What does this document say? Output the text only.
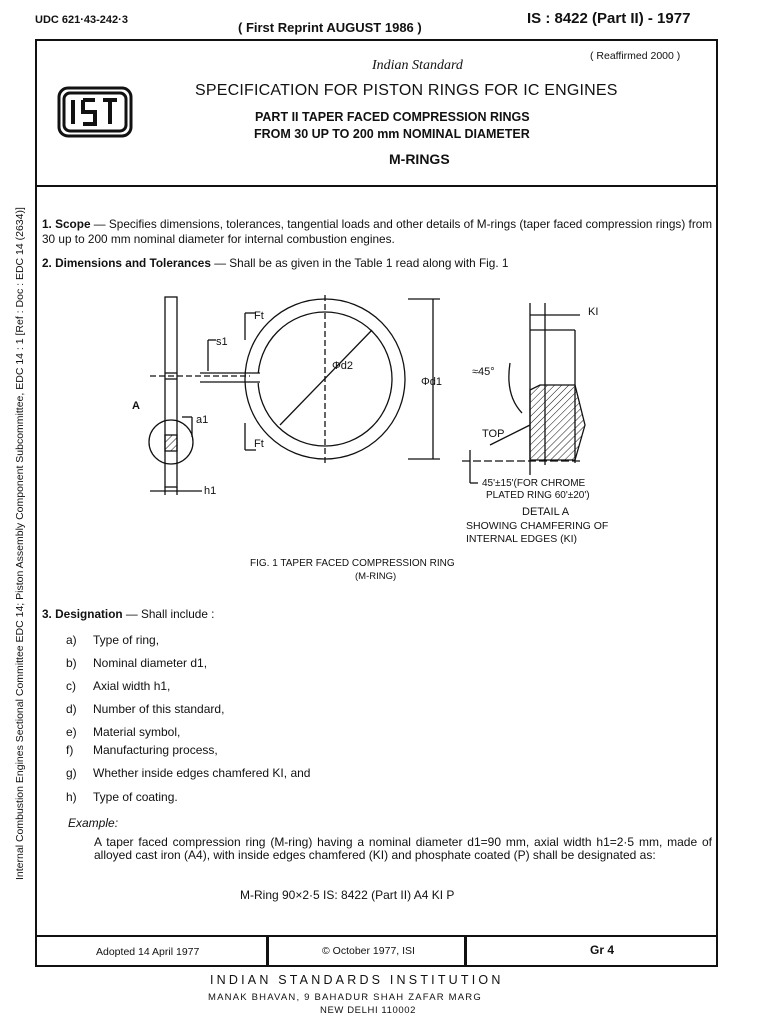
UDC 621·43-242·3	( First Reprint AUGUST 1986 )
IS : 8422 (Part II) - 1977
Internal Combustion Engines Sectional Committee EDC 14; Piston Assembly Component Subcommittee, EDC 14 : 1 [Ref : Doc : EDC 14 (2634)]
( Reaffirmed 2000 )
Indian Standard
SPECIFICATION FOR PISTON RINGS FOR IC ENGINES
PART II TAPER FACED COMPRESSION RINGS
FROM 30 UP TO 200 mm NOMINAL DIAMETER
M-RINGS
1. Scope — Specifies dimensions, tolerances, tangential loads and other details of M-rings (taper faced compression rings) from 30 up to 200 mm nominal diameter for internal combustion engines.
2. Dimensions and Tolerances — Shall be as given in the Table 1 read along with Fig. 1
Ft
s1
A
a1
h1
Ft
Φd2
Φd1
KI
≈45°
TOP
45'±15'(FOR CHROME
PLATED RING 60'±20')
DETAIL A
SHOWING CHAMFERING OF
INTERNAL EDGES (KI)
FIG. 1 TAPER FACED COMPRESSION RING
(M-RING)
3. Designation — Shall include :
a) Type of ring,
b) Nominal diameter d1,
c) Axial width h1,
d) Number of this standard,
e) Material symbol,
f) Manufacturing process,
g) Whether inside edges chamfered KI, and
h) Type of coating.
Example:
A taper faced compression ring (M-ring) having a nominal diameter d1=90 mm, axial width h1=2·5 mm, made of alloyed cast iron (A4), with inside edges chamfered (KI) and phosphate coated (P) shall be designated as:
M-Ring 90×2·5 IS: 8422 (Part II) A4 KI P
Adopted 14 April 1977	© October 1977, ISI	Gr 4
INDIAN STANDARDS INSTITUTION
MANAK BHAVAN, 9 BAHADUR SHAH ZAFAR MARG
NEW DELHI 110002
